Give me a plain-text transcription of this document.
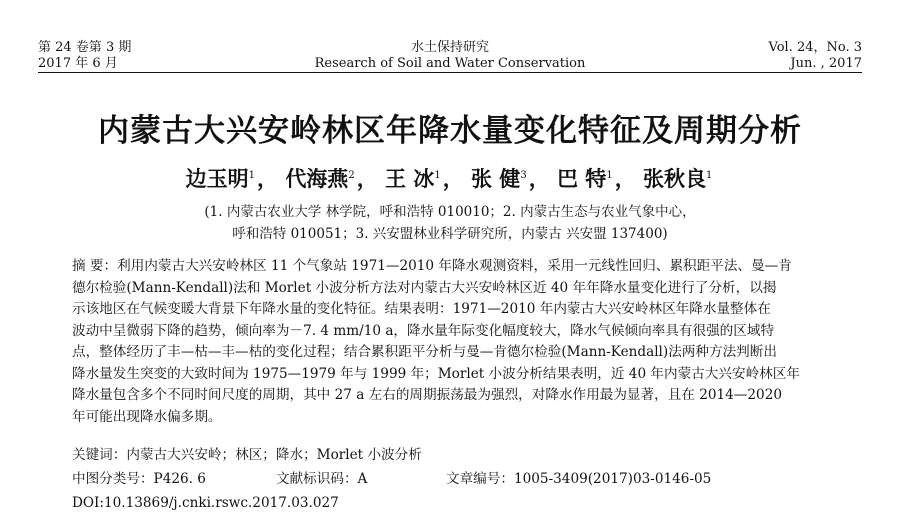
第 24 卷第 3 期
2017 年 6 月
水土保持研究
Research of Soil and Water Conservation
Vol. 24，No. 3
Jun. , 2017
内蒙古大兴安岭林区年降水量变化特征及周期分析
边玉明$^1$， 代海燕$^2$， 王 冰$^1$， 张 健$^3$， 巴 特$^1$， 张秋良$^1$
(1. 内蒙古农业大学 林学院，呼和浩特 010010；2. 内蒙古生态与农业气象中心，
呼和浩特 010051；3. 兴安盟林业科学研究所，内蒙古 兴安盟 137400)
摘 要：利用内蒙古大兴安岭林区 11 个气象站 1971—2010 年降水观测资料，采用一元线性回归、累积距平法、曼—肯
德尔检验(Mann-Kendall)法和 Morlet 小波分析方法对内蒙古大兴安岭林区近 40 年年降水量变化进行了分析，以揭
示该地区在气候变暖大背景下年降水量的变化特征。结果表明：1971—2010 年内蒙古大兴安岭林区年降水量整体在
波动中呈微弱下降的趋势，倾向率为－7. 4 mm/10 a，降水量年际变化幅度较大，降水气候倾向率具有很强的区域特
点，整体经历了丰—枯—丰—枯的变化过程；结合累积距平分析与曼—肯德尔检验(Mann-Kendall)法两种方法判断出
降水量发生突变的大致时间为 1975—1979 年与 1999 年；Morlet 小波分析结果表明，近 40 年内蒙古大兴安岭林区年
降水量包含多个不同时间尺度的周期，其中 27 a 左右的周期振荡最为强烈，对降水作用最为显著，且在 2014—2020
年可能出现降水偏多期。
关键词：内蒙古大兴安岭；林区；降水；Morlet 小波分析
中图分类号：P426. 6	文献标识码：A	文章编号：1005-3409(2017)03-0146-05
DOI:10.13869/j.cnki.rswc.2017.03.027
